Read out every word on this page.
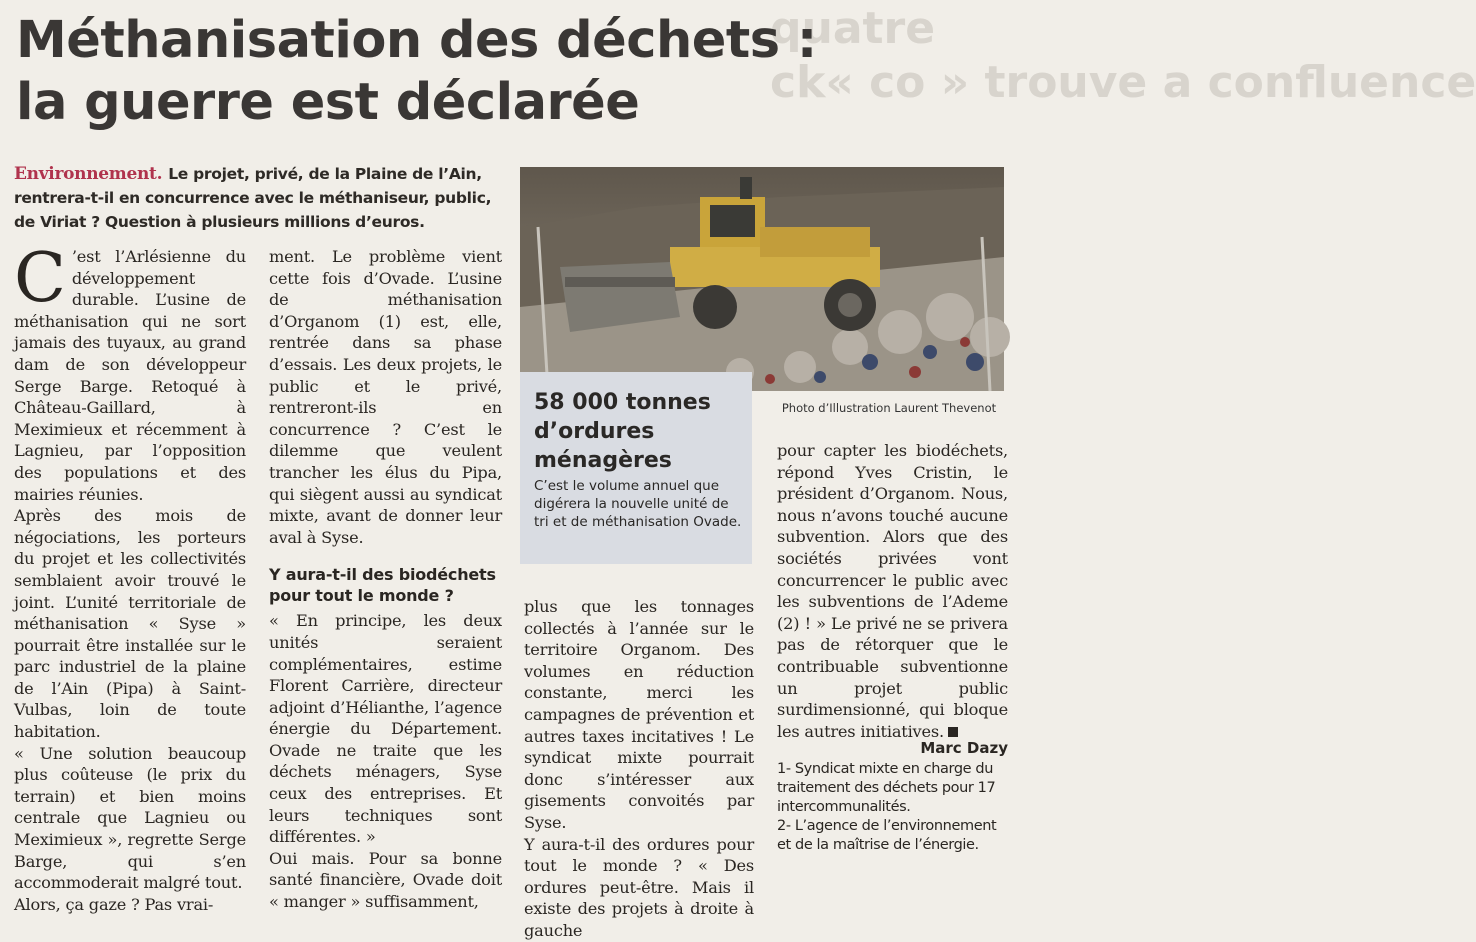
quatre
ck« co » trouve a confluence
Méthanisation des déchets :
la guerre est déclarée
Environnement. Le projet, privé, de la Plaine de l’Ain, rentrera-t-il en concurrence avec le méthaniseur, public, de Viriat ? Question à plusieurs millions d’euros.

C ’est l’Arlésienne du développement durable. L’usine de méthanisation qui ne sort jamais des tuyaux, au grand dam de son développeur Serge Barge. Retoqué à Château-Gaillard, à Meximieux et récemment à Lagnieu, par l’opposition des populations et des mairies réunies.

Après des mois de négociations, les porteurs du projet et les collectivités semblaient avoir trouvé le joint. L’unité territoriale de méthanisation « Syse » pourrait être installée sur le parc industriel de la plaine de l’Ain (Pipa) à Saint-Vulbas, loin de toute habitation.

« Une solution beaucoup plus coûteuse (le prix du terrain) et bien moins centrale que Lagnieu ou Meximieux », regrette Serge Barge, qui s’en accommoderait malgré tout.

Alors, ça gaze ? Pas vrai-

ment. Le problème vient cette fois d’Ovade. L’usine de méthanisation d’Organom (1) est, elle, rentrée dans sa phase d’essais. Les deux projets, le public et le privé, rentreront-ils en concurrence ? C’est le dilemme que veulent trancher les élus du Pipa, qui siègent aussi au syndicat mixte, avant de donner leur aval à Syse.

Y aura-t-il des biodéchets pour tout le monde ?

« En principe, les deux unités seraient complémentaires, estime Florent Carrière, directeur adjoint d’Hélianthe, l’agence énergie du Département. Ovade ne traite que les déchets ménagers, Syse ceux des entreprises. Et leurs techniques sont différentes. »

Oui mais. Pour sa bonne santé financière, Ovade doit « manger » suffisamment,

Photo d’Illustration Laurent Thevenot
58 000 tonnes d’ordures ménagères
C’est le volume annuel que digérera la nouvelle unité de tri et de méthanisation Ovade.

plus que les tonnages collectés à l’année sur le territoire Organom. Des volumes en réduction constante, merci les campagnes de prévention et autres taxes incitatives ! Le syndicat mixte pourrait donc s’intéresser aux gisements convoités par Syse.

Y aura-t-il des ordures pour tout le monde ? « Des ordures peut-être. Mais il existe des projets à droite à gauche

pour capter les biodéchets, répond Yves Cristin, le président d’Organom. Nous, nous n’avons touché aucune subvention. Alors que des sociétés privées vont concurrencer le public avec les subventions de l’Ademe (2) ! » Le privé ne se privera pas de rétorquer que le contribuable subventionne un projet public surdimensionné, qui bloque les autres initiatives.

Marc Dazy

1- Syndicat mixte en charge du traitement des déchets pour 17 intercommunalités.

2- L’agence de l’environnement et de la maîtrise de l’énergie.
